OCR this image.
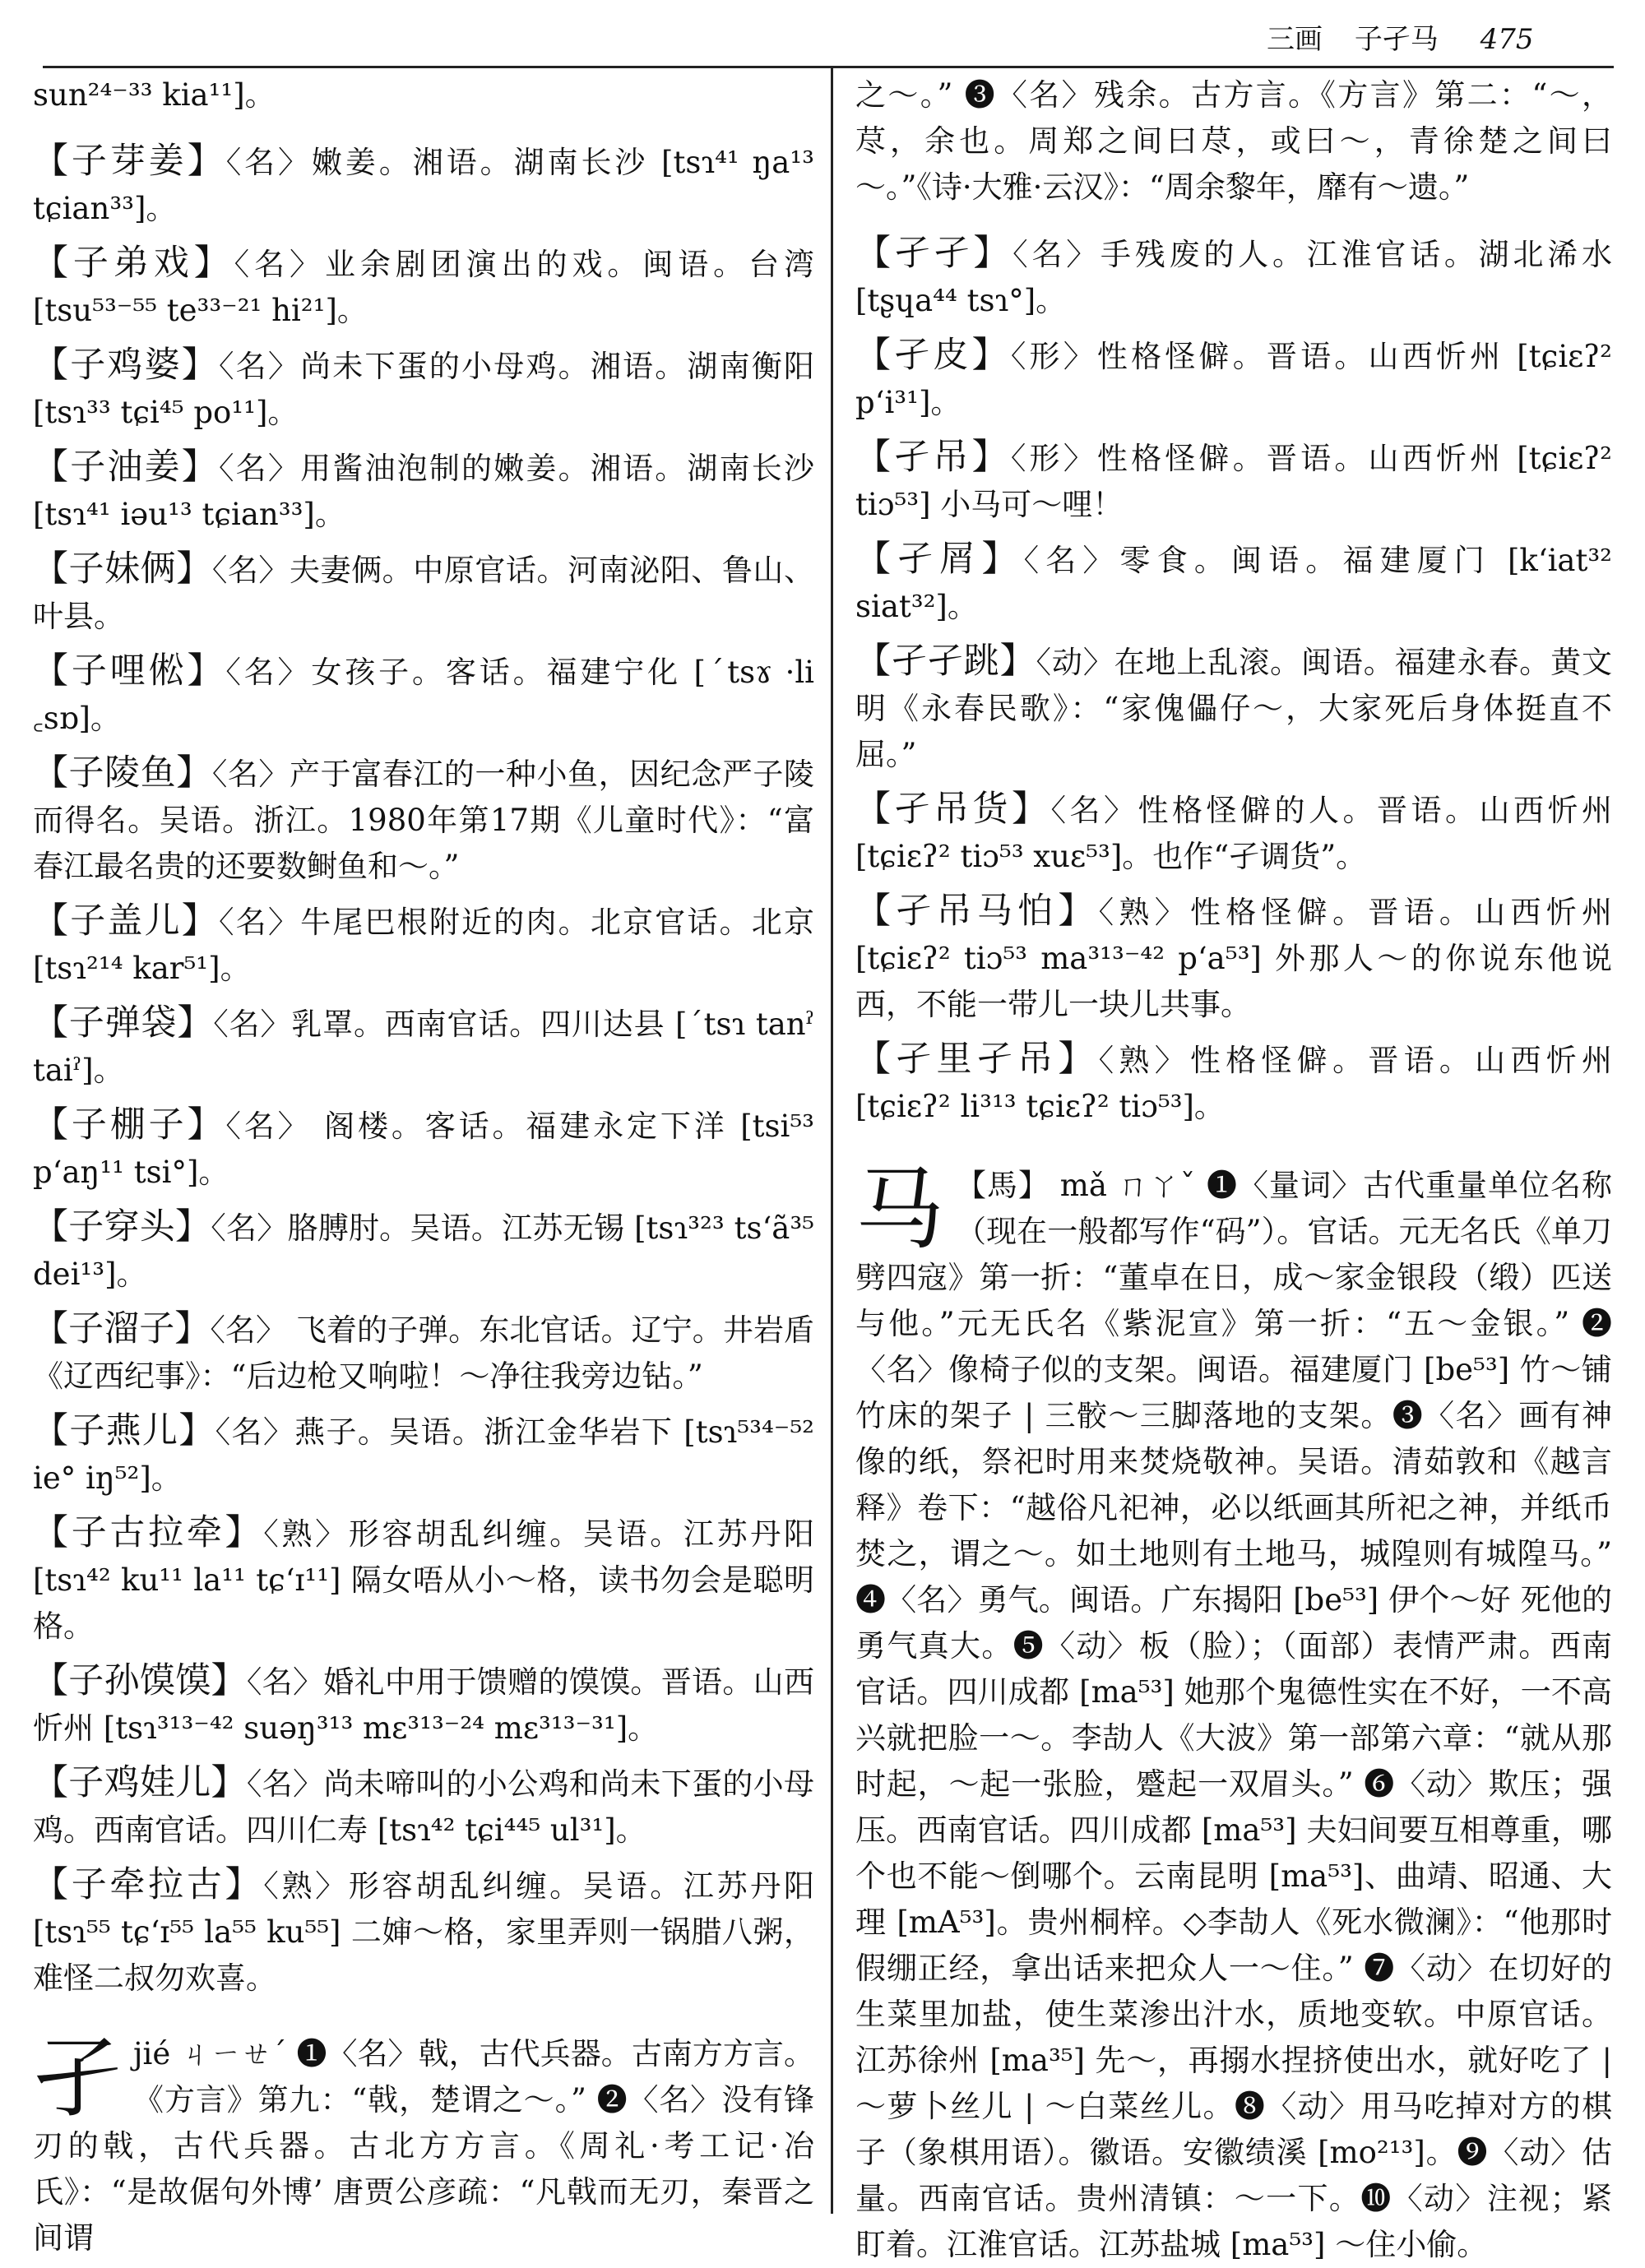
三画 子孑马 475
sun²⁴⁻³³ kia¹¹]。
【子芽姜】〈名〉嫩姜。湘语。湖南长沙 [tsɿ⁴¹ ŋa¹³ tɕian³³]。
【子弟戏】〈名〉业余剧团演出的戏。闽语。台湾 [tsu⁵³⁻⁵⁵ te³³⁻²¹ hi²¹]。
【子鸡婆】〈名〉尚未下蛋的小母鸡。湘语。湖南衡阳 [tsɿ³³ tɕi⁴⁵ po¹¹]。
【子油姜】〈名〉用酱油泡制的嫩姜。湘语。湖南长沙 [tsɿ⁴¹ iəu¹³ tɕian³³]。
【子妹俩】〈名〉夫妻俩。中原官话。河南泌阳、鲁山、叶县。
【子哩倯】〈名〉女孩子。客话。福建宁化 [ˊtsɤ ·li ꜀sɒ]。
【子陵鱼】〈名〉产于富春江的一种小鱼，因纪念严子陵而得名。吴语。浙江。1980年第17期《儿童时代》：“富春江最名贵的还要数鲥鱼和～。”
【子盖儿】〈名〉牛尾巴根附近的肉。北京官话。北京 [tsɿ²¹⁴ kar⁵¹]。
【子弹袋】〈名〉乳罩。西南官话。四川达县 [ˊtsɿ tanˀ taiˀ]。
【子棚子】〈名〉 阁楼。客话。福建永定下洋 [tsi⁵³ p‘aŋ¹¹ tsi°]。
【子穿头】〈名〉胳膊肘。吴语。江苏无锡 [tsɿ³²³ ts‘ã³⁵ dei¹³]。
【子溜子】〈名〉 飞着的子弹。东北官话。辽宁。井岩盾《辽西纪事》：“后边枪又响啦！～净往我旁边钻。”
【子燕儿】〈名〉燕子。吴语。浙江金华岩下 [tsɿ⁵³⁴⁻⁵² ie° iŋ⁵²]。
【子古拉牵】〈熟〉形容胡乱纠缠。吴语。江苏丹阳 [tsɿ⁴² ku¹¹ la¹¹ tɕ‘ɪ¹¹] 隔女唔从小～格，读书勿会是聪明格。
【子孙馍馍】〈名〉婚礼中用于馈赠的馍馍。晋语。山西忻州 [tsɿ³¹³⁻⁴² suəŋ³¹³ mɛ³¹³⁻²⁴ mɛ³¹³⁻³¹]。
【子鸡娃儿】〈名〉尚未啼叫的小公鸡和尚未下蛋的小母鸡。西南官话。四川仁寿 [tsɿ⁴² tɕi⁴⁴⁵ ul³¹]。
【子牵拉古】〈熟〉形容胡乱纠缠。吴语。江苏丹阳 [tsɿ⁵⁵ tɕ‘ɪ⁵⁵ la⁵⁵ ku⁵⁵] 二婶～格，家里弄则一锅腊八粥，难怪二叔勿欢喜。
孑jié ㄐㄧㄝˊ ❶〈名〉戟，古代兵器。古南方方言。《方言》第九：“戟，楚谓之～。” ❷〈名〉没有锋刃的戟，古代兵器。古北方方言。《周礼·考工记·冶氏》：“是故倨句外博’ 唐贾公彦疏：“凡戟而无刃，秦晋之间谓
之～。” ❸〈名〉残余。古方言。《方言》第二：“～，荩，余也。周郑之间曰荩，或曰～，青徐楚之间曰～。”《诗·大雅·云汉》：“周余黎年，靡有～遗。”
【孑孑】〈名〉手残废的人。江淮官话。湖北浠水 [tʂɥa⁴⁴ tsɿ°]。
【孑皮】〈形〉性格怪僻。晋语。山西忻州 [tɕiɛʔ² p‘i³¹]。
【孑吊】〈形〉性格怪僻。晋语。山西忻州 [tɕiɛʔ² tiɔ⁵³] 小马可～哩！
【孑屑】〈名〉零食。闽语。福建厦门 [k‘iat³² siat³²]。
【孑孑跳】〈动〉在地上乱滚。闽语。福建永春。黄文明《永春民歌》：“家傀儡仔～，大家死后身体挺直不屈。”
【孑吊货】〈名〉性格怪僻的人。晋语。山西忻州 [tɕiɛʔ² tiɔ⁵³ xuɛ⁵³]。也作“孑调货”。
【孑吊马怕】〈熟〉性格怪僻。晋语。山西忻州 [tɕiɛʔ² tiɔ⁵³ ma³¹³⁻⁴² p‘a⁵³] 外那人～的你说东他说西，不能一带儿一块儿共事。
【孑里孑吊】〈熟〉性格怪僻。晋语。山西忻州 [tɕiɛʔ² li³¹³ tɕiɛʔ² tiɔ⁵³]。
马 【馬】 mǎ ㄇㄚˇ ❶〈量词〉古代重量单位名称（现在一般都写作“码”）。官话。元无名氏《单刀劈四寇》第一折：“董卓在日，成～家金银段（缎）匹送与他。”元无氏名《紫泥宣》第一折：“五～金银。” ❷〈名〉像椅子似的支架。闽语。福建厦门 [be⁵³] 竹～铺竹床的架子 | 三骹～三脚落地的支架。❸〈名〉画有神像的纸，祭祀时用来焚烧敬神。吴语。清茹敦和《越言释》卷下：“越俗凡祀神，必以纸画其所祀之神，并纸币焚之，谓之～。如土地则有土地马，城隍则有城隍马。” ❹〈名〉勇气。闽语。广东揭阳 [be⁵³] 伊个～好 死他的勇气真大。❺〈动〉板（脸）；（面部）表情严肃。西南官话。四川成都 [ma⁵³] 她那个鬼德性实在不好，一不高兴就把脸一～。李劼人《大波》第一部第六章：“就从那时起，～起一张脸，蹙起一双眉头。” ❻〈动〉欺压；强压。西南官话。四川成都 [ma⁵³] 夫妇间要互相尊重，哪个也不能～倒哪个。云南昆明 [ma⁵³]、曲靖、昭通、大理 [mA⁵³]。贵州桐梓。◇李劼人《死水微澜》：“他那时假绷正经，拿出话来把众人一～住。” ❼〈动〉在切好的生菜里加盐，使生菜渗出汁水，质地变软。中原官话。江苏徐州 [ma³⁵] 先～，再搦水捏挤使出水，就好吃了 | ～萝卜丝儿 | ～白菜丝儿。❽〈动〉用马吃掉对方的棋子（象棋用语）。徽语。安徽绩溪 [mo²¹³]。❾〈动〉估量。西南官话。贵州清镇：～一下。❿〈动〉注视；紧盯着。江淮官话。江苏盐城 [ma⁵³] ～住小偷。
